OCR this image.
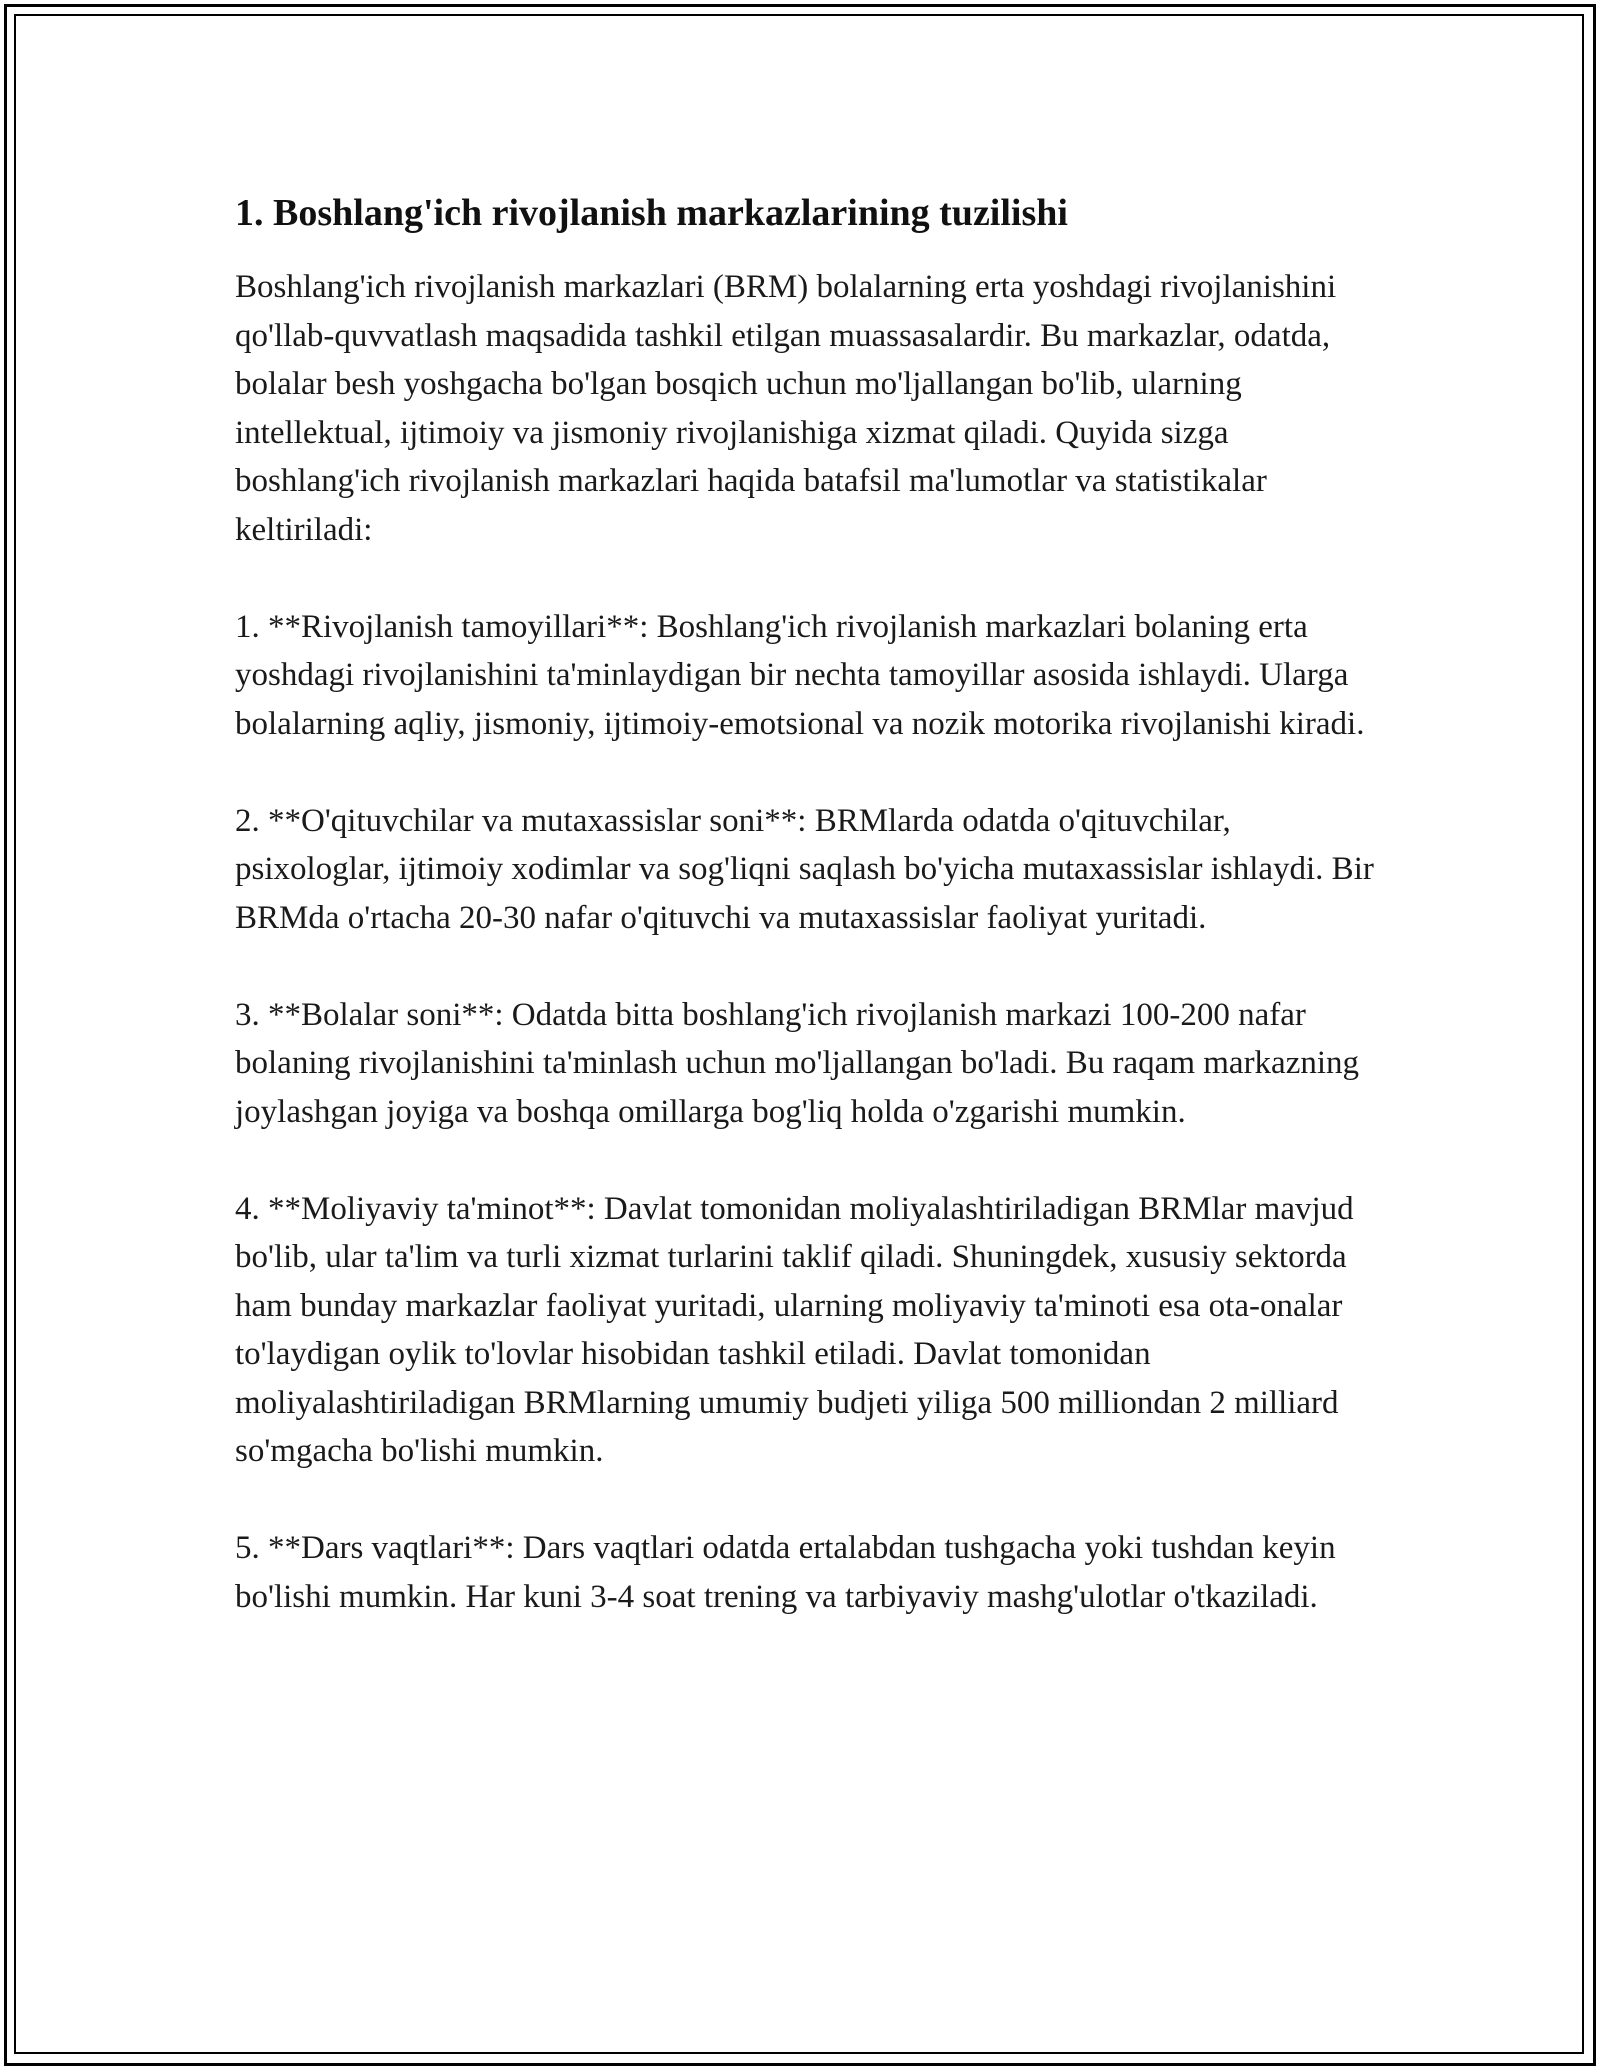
1. Boshlang'ich rivojlanish markazlarining tuzilishi

Boshlang'ich rivojlanish markazlari (BRM) bolalarning erta yoshdagi rivojlanishini qo'llab-quvvatlash maqsadida tashkil etilgan muassasalardir. Bu markazlar, odatda, bolalar besh yoshgacha bo'lgan bosqich uchun mo'ljallangan bo'lib, ularning intellektual, ijtimoiy va jismoniy rivojlanishiga xizmat qiladi. Quyida sizga boshlang'ich rivojlanish markazlari haqida batafsil ma'lumotlar va statistikalar keltiriladi:

1. **Rivojlanish tamoyillari**: Boshlang'ich rivojlanish markazlari bolaning erta yoshdagi rivojlanishini ta'minlaydigan bir nechta tamoyillar asosida ishlaydi. Ularga bolalarning aqliy, jismoniy, ijtimoiy-emotsional va nozik motorika rivojlanishi kiradi.

2. **O'qituvchilar va mutaxassislar soni**: BRMlarda odatda o'qituvchilar, psixologlar, ijtimoiy xodimlar va sog'liqni saqlash bo'yicha mutaxassislar ishlaydi. Bir BRMda o'rtacha 20-30 nafar o'qituvchi va mutaxassislar faoliyat yuritadi.

3. **Bolalar soni**: Odatda bitta boshlang'ich rivojlanish markazi 100-200 nafar bolaning rivojlanishini ta'minlash uchun mo'ljallangan bo'ladi. Bu raqam markazning joylashgan joyiga va boshqa omillarga bog'liq holda o'zgarishi mumkin.

4. **Moliyaviy ta'minot**: Davlat tomonidan moliyalashtiriladigan BRMlar mavjud bo'lib, ular ta'lim va turli xizmat turlarini taklif qiladi. Shuningdek, xususiy sektorda ham bunday markazlar faoliyat yuritadi, ularning moliyaviy ta'minoti esa ota-onalar to'laydigan oylik to'lovlar hisobidan tashkil etiladi. Davlat tomonidan moliyalashtiriladigan BRMlarning umumiy budjeti yiliga 500 milliondan 2 milliard so'mgacha bo'lishi mumkin.

5. **Dars vaqtlari**: Dars vaqtlari odatda ertalabdan tushgacha yoki tushdan keyin bo'lishi mumkin. Har kuni 3-4 soat trening va tarbiyaviy mashg'ulotlar o'tkaziladi.
